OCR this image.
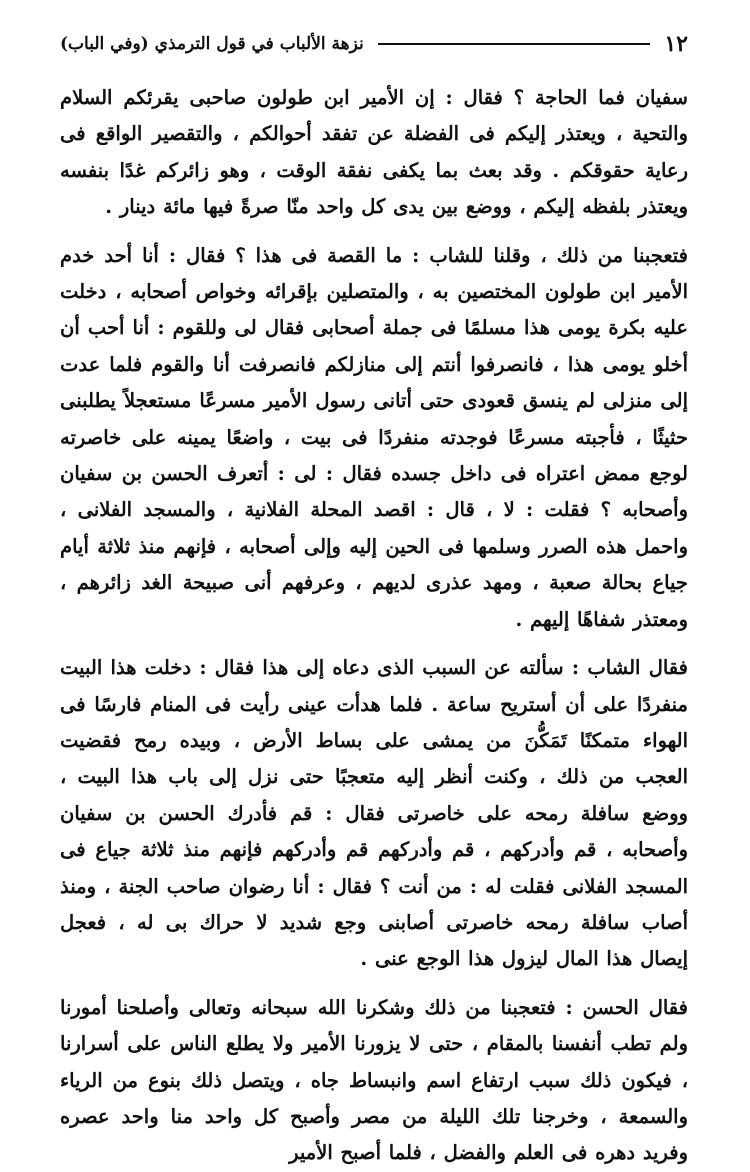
١٢
نزهة الألباب في قول الترمذي (وفي الباب)

سفيان فما الحاجة ؟ فقال : إن الأمير ابن طولون صاحبى يقرئكم السلام والتحية ، ويعتذر إليكم فى الفضلة عن تفقد أحوالكم ، والتقصير الواقع فى رعاية حقوقكم . وقد بعث بما يكفى نفقة الوقت ، وهو زائركم غدًا بنفسه ويعتذر بلفظه إليكم ، ووضع بين يدى كل واحد منّا صرةً فيها مائة دينار .

فتعجبنا من ذلك ، وقلنا للشاب : ما القصة فى هذا ؟ فقال : أنا أحد خدم الأمير ابن طولون المختصين به ، والمتصلين بإقرائه وخواص أصحابه ، دخلت عليه بكرة يومى هذا مسلمًا فى جملة أصحابى فقال لى وللقوم : أنا أحب أن أخلو يومى هذا ، فانصرفوا أنتم إلى منازلكم فانصرفت أنا والقوم فلما عدت إلى منزلى لم ينسق قعودى حتى أتانى رسول الأمير مسرعًا مستعجلاً يطلبنى حثيثًا ، فأجبته مسرعًا فوجدته منفردًا فى بيت ، واضعًا يمينه على خاصرته لوجع ممض اعتراه فى داخل جسده فقال : لى : أتعرف الحسن بن سفيان وأصحابه ؟ فقلت : لا ، قال : اقصد المحلة الفلانية ، والمسجد الفلانى ، واحمل هذه الصرر وسلمها فى الحين إليه وإلى أصحابه ، فإنهم منذ ثلاثة أيام جياع بحالة صعبة ، ومهد عذرى لديهم ، وعرفهم أنى صبيحة الغد زائرهم ، ومعتذر شفاهًا إليهم .

فقال الشاب : سألته عن السبب الذى دعاه إلى هذا فقال : دخلت هذا البيت منفردًا على أن أستريح ساعة . فلما هدأت عينى رأيت فى المنام فارسًا فى الهواء متمكنًا تَمَكُّنَ من يمشى على بساط الأرض ، وبيده رمح فقضيت العجب من ذلك ، وكنت أنظر إليه متعجبًا حتى نزل إلى باب هذا البيت ، ووضع سافلة رمحه على خاصرتى فقال : قم فأدرك الحسن بن سفيان وأصحابه ، قم وأدركهم ، قم وأدركهم قم وأدركهم فإنهم منذ ثلاثة جياع فى المسجد الفلانى فقلت له : من أنت ؟ فقال : أنا رضوان صاحب الجنة ، ومنذ أصاب سافلة رمحه خاصرتى أصابنى وجع شديد لا حراك بى له ، فعجل إيصال هذا المال ليزول هذا الوجع عنى .

فقال الحسن : فتعجبنا من ذلك وشكرنا الله سبحانه وتعالى وأصلحنا أمورنا ولم تطب أنفسنا بالمقام ، حتى لا يزورنا الأمير ولا يطلع الناس على أسرارنا ، فيكون ذلك سبب ارتفاع اسم وانبساط جاه ، ويتصل ذلك بنوع من الرياء والسمعة ، وخرجنا تلك الليلة من مصر وأصبح كل واحد منا واحد عصره وفريد دهره فى العلم والفضل ، فلما أصبح الأمير
